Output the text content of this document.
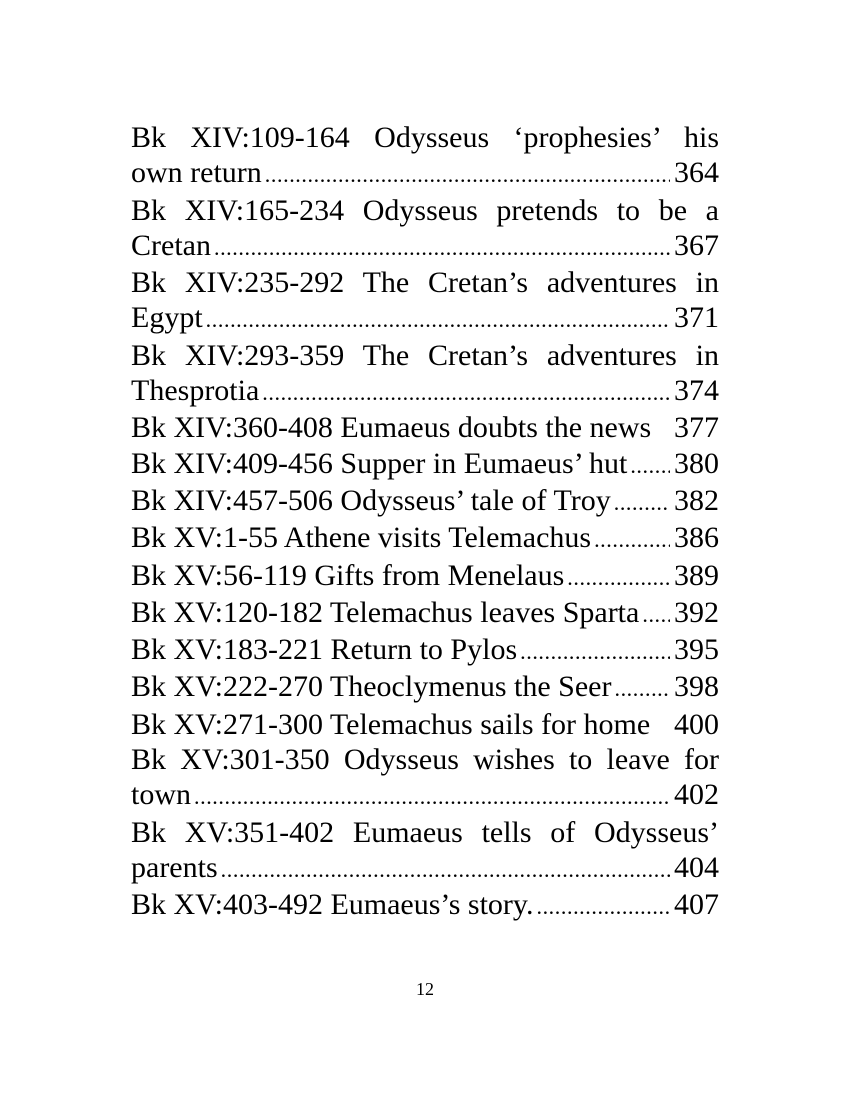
Bk XIV:109-164 Odysseus ‘prophesies’ his
own return .....	364
Bk XIV:165-234 Odysseus pretends to be a
Cretan .....	367
Bk XIV:235-292 The Cretan’s adventures in
Egypt .....	371
Bk XIV:293-359 The Cretan’s adventures in
Thesprotia .....	374
Bk XIV:360-408 Eumaeus doubts the news 377
Bk XIV:409-456 Supper in Eumaeus’ hut ..... 380
Bk XIV:457-506 Odysseus’ tale of Troy ..... 382
Bk XV:1-55 Athene visits Telemachus .....	386
Bk XV:56-119 Gifts from Menelaus .....	389
Bk XV:120-182 Telemachus leaves Sparta ..... 392
Bk XV:183-221 Return to Pylos .....	395
Bk XV:222-270 Theoclymenus the Seer ..... 398
Bk XV:271-300 Telemachus sails for home 400
Bk XV:301-350 Odysseus wishes to leave for
town .....	402
Bk XV:351-402 Eumaeus tells of Odysseus’
parents .....	404
Bk XV:403-492 Eumaeus’s story. .....	407
12
